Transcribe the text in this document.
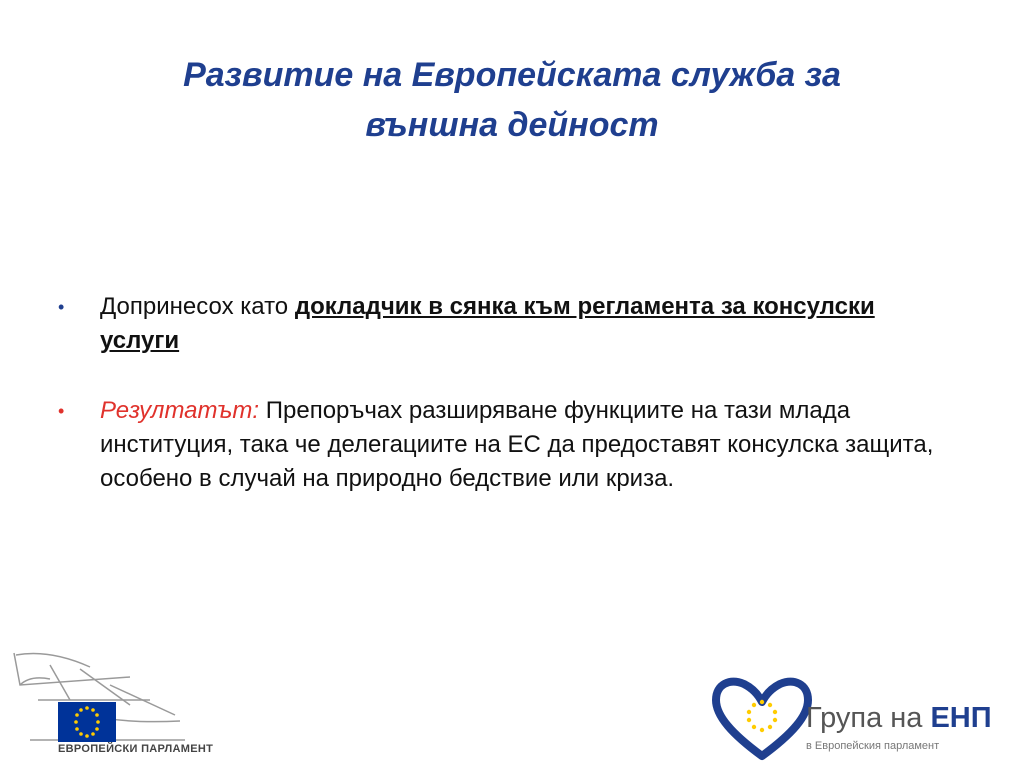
Развитие на Европейската служба за
външна дейност
•	Допринесох като докладчик в сянка към регламента за консулски услуги
•	Резултатът: Препоръчах разширяване функциите на тази млада институция, така че делегациите на ЕС да предоставят консулска защита, особено в случай на природно бедствие или криза.
ЕВРОПЕЙСКИ ПАРЛАМЕНТ
Група на ЕНП
в Европейския парламент
